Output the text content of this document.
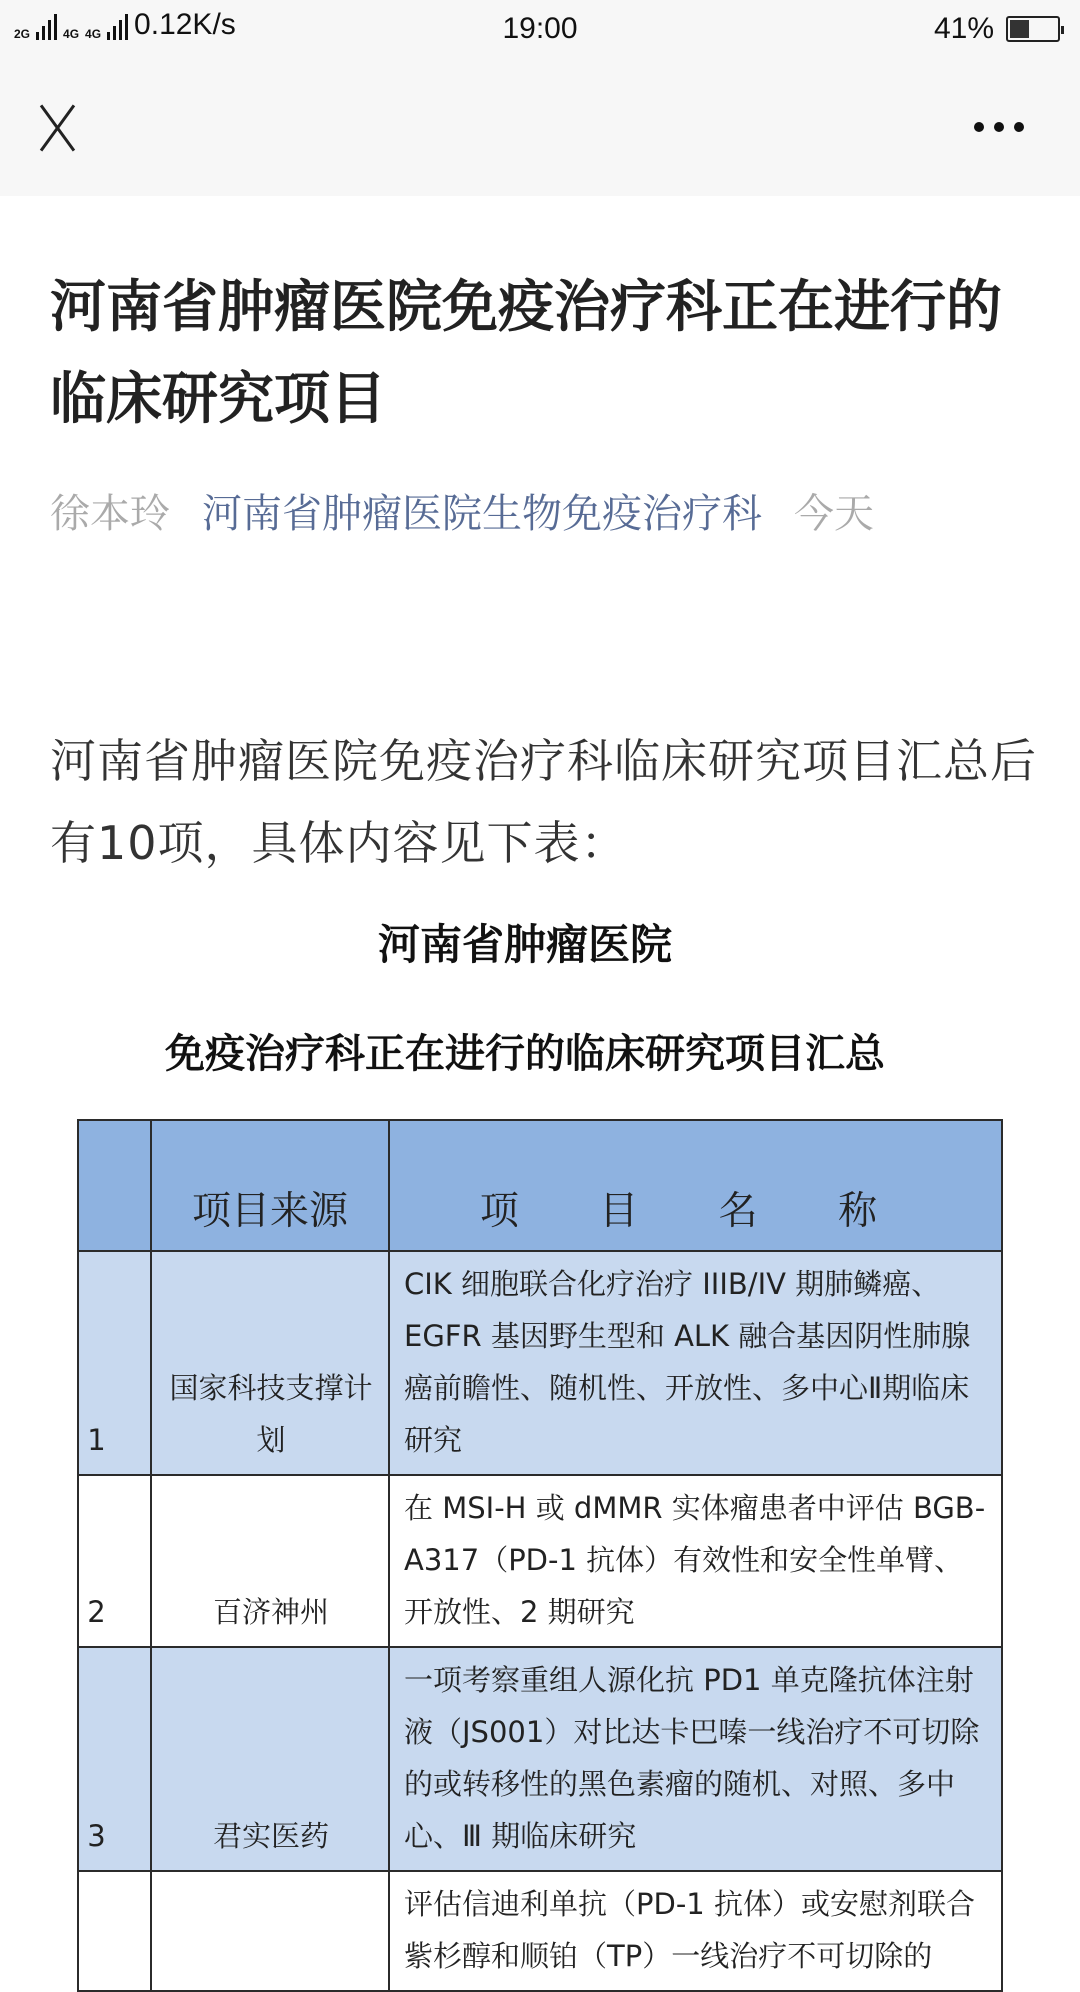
2G	4G 4G 0.12K/s	19:00	41%
河南省肿瘤医院免疫治疗科正在进行的临床研究项目
徐本玲 河南省肿瘤医院生物免疫治疗科 今天

河南省肿瘤医院免疫治疗科临床研究项目汇总后有10项，具体内容见下表：

河南省肿瘤医院
免疫治疗科正在进行的临床研究项目汇总
	项目来源	项 目 名 称
1	国家科技支撑计划	CIK 细胞联合化疗治疗 IIIB/IV 期肺鳞癌、EGFR 基因野生型和 ALK 融合基因阴性肺腺癌前瞻性、随机性、开放性、多中心Ⅱ期临床研究
2	百济神州	在 MSI-H 或 dMMR 实体瘤患者中评估 BGB-A317（PD-1 抗体）有效性和安全性单臂、开放性、2 期研究
3	君实医药	一项考察重组人源化抗 PD1 单克隆抗体注射液（JS001）对比达卡巴嗪一线治疗不可切除的或转移性的黑色素瘤的随机、对照、多中心、Ⅲ 期临床研究
		评估信迪利单抗（PD-1 抗体）或安慰剂联合紫杉醇和顺铂（TP）一线治疗不可切除的
